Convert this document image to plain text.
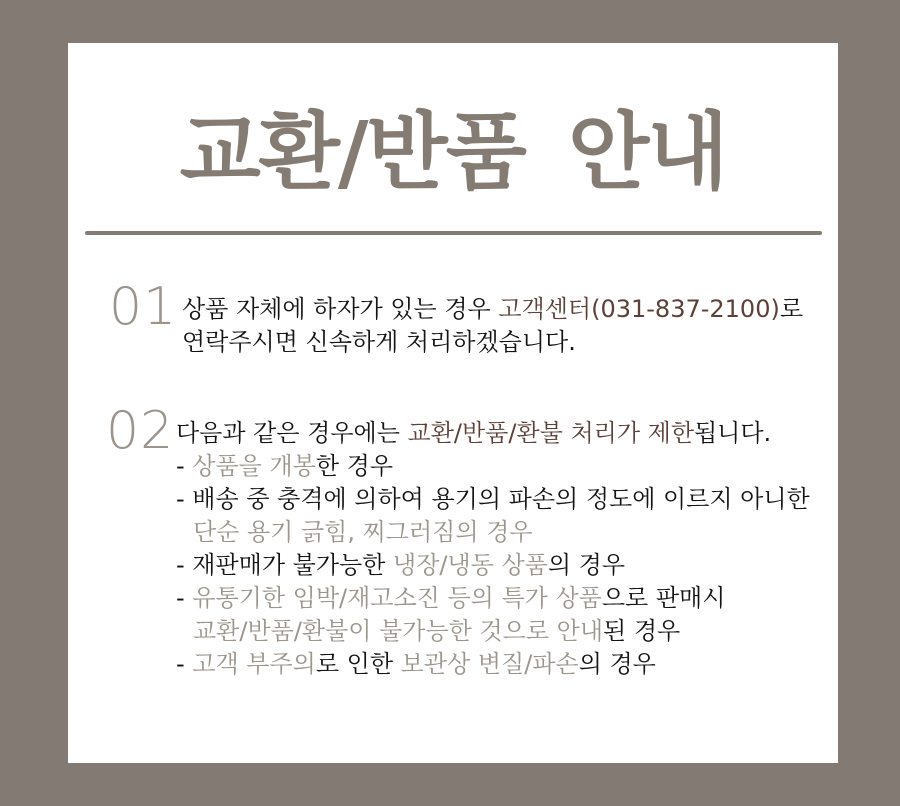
교환/반품 안내
01 상품 자체에 하자가 있는 경우 고객센터(031-837-2100)로
연락주시면 신속하게 처리하겠습니다.
02 다음과 같은 경우에는 교환/반품/환불 처리가 제한됩니다.
- 상품을 개봉한 경우
- 배송 중 충격에 의하여 용기의 파손의 정도에 이르지 아니한
단순 용기 긁힘, 찌그러짐의 경우
- 재판매가 불가능한 냉장/냉동 상품의 경우
- 유통기한 임박/재고소진 등의 특가 상품으로 판매시
교환/반품/환불이 불가능한 것으로 안내된 경우
- 고객 부주의로 인한 보관상 변질/파손의 경우
